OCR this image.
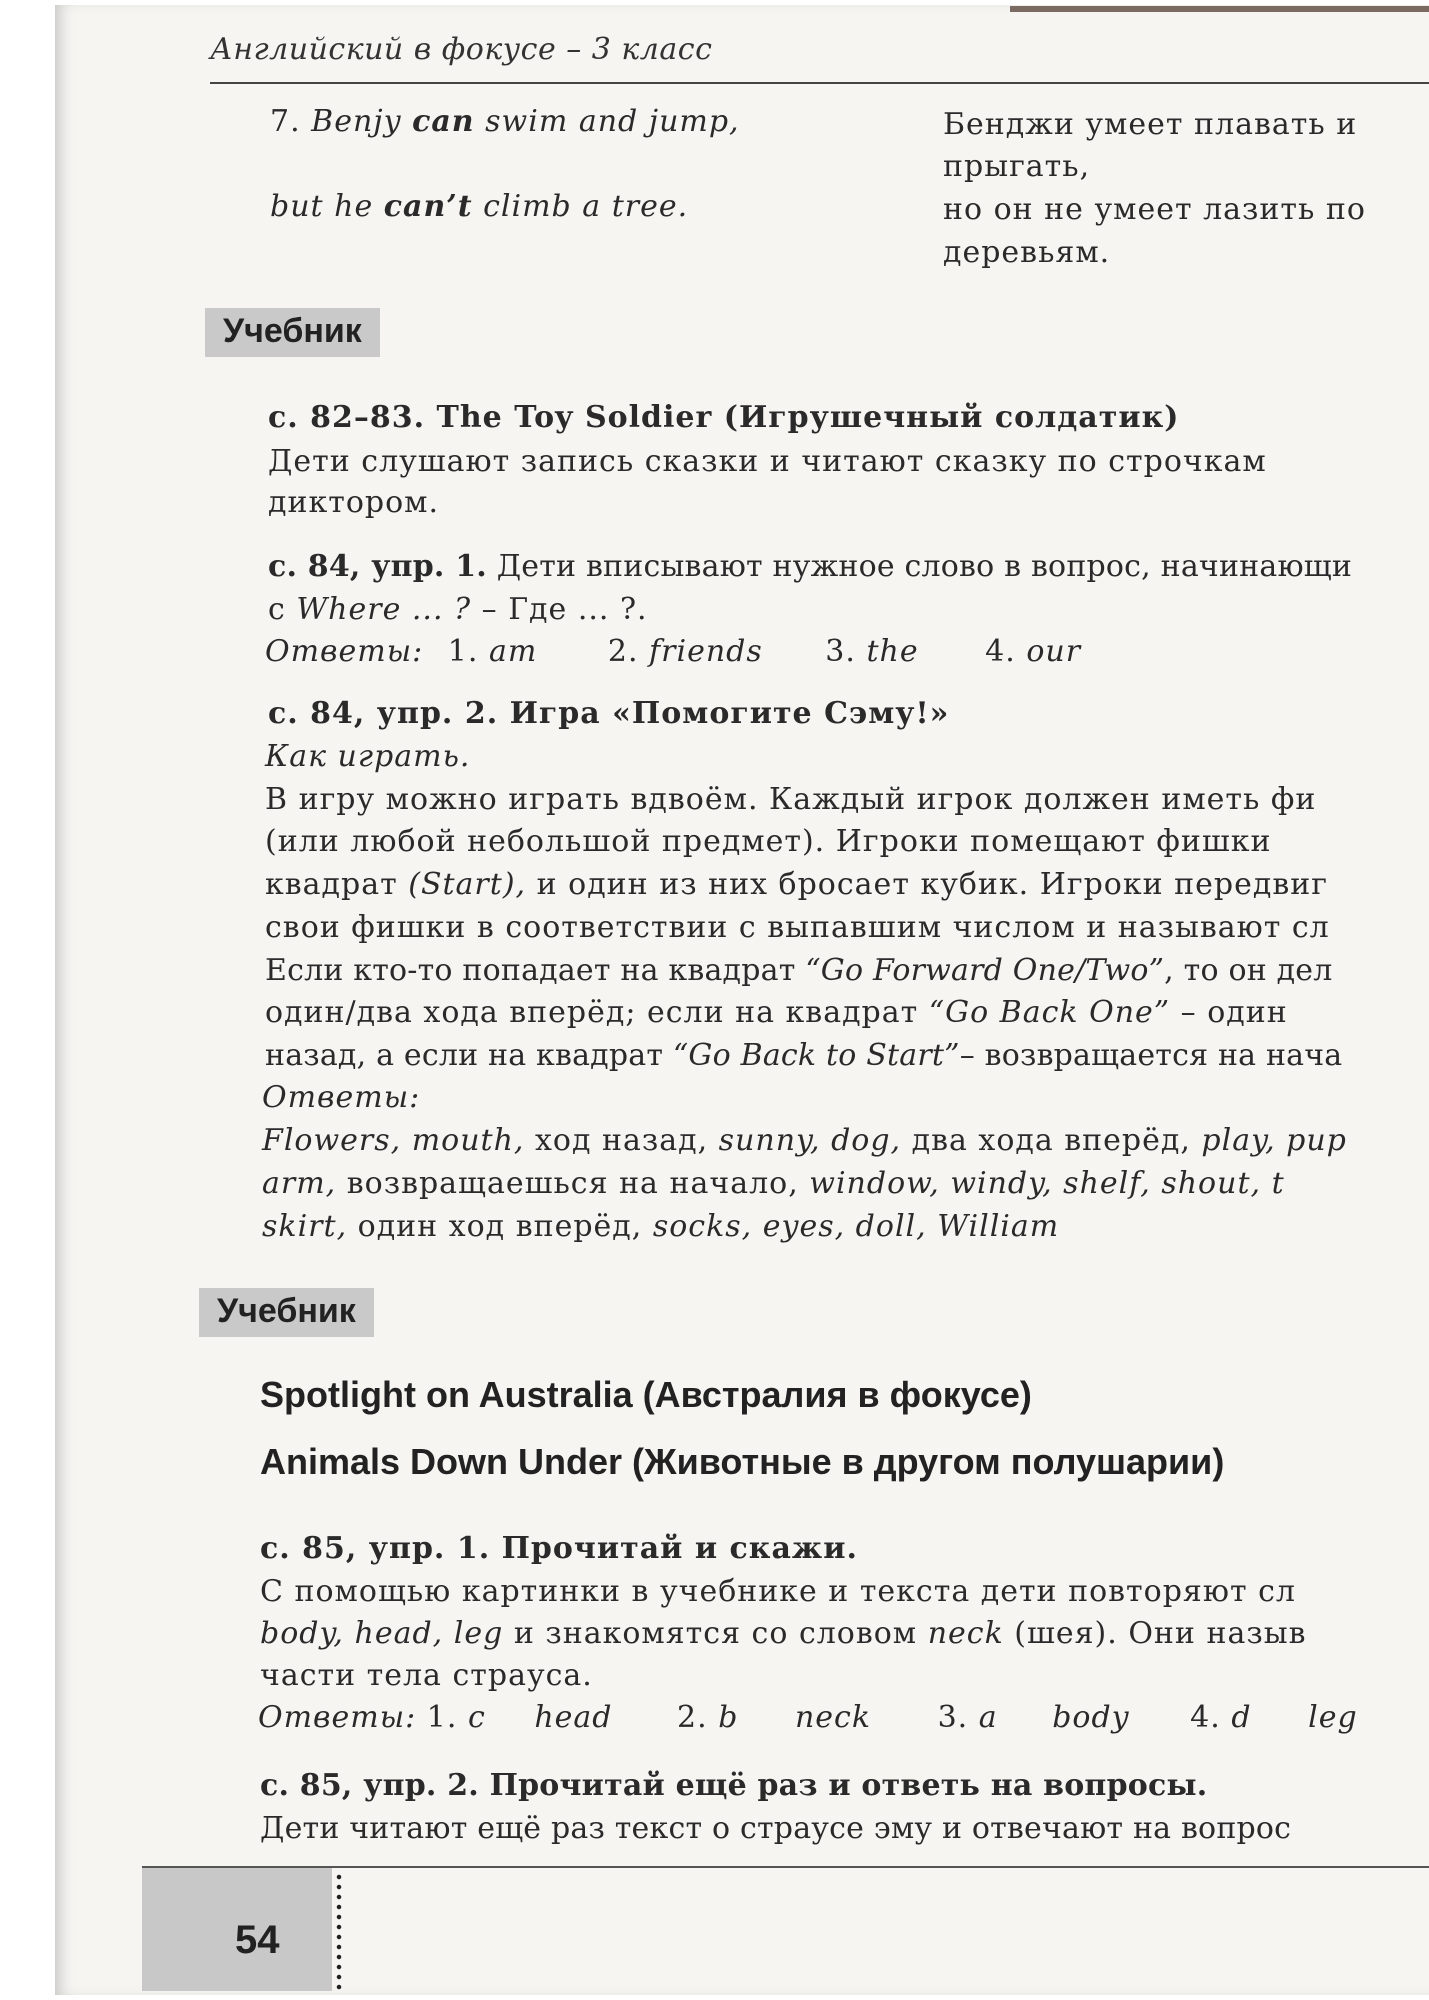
Английский в фокусе – 3 класс
7. Benjy can swim and jump,
but he can’t climb a tree.
Бенджи умеет плавать и
прыгать,
но он не умеет лазить по
деревьям.
Учебник
с. 82–83. The Toy Soldier (Игрушечный солдатик)
Дети слушают запись сказки и читают сказку по строчкам
диктором.
с. 84, упр. 1. Дети вписывают нужное слово в вопрос, начинающи
с Where ... ? – Где ... ?.
Ответы: 1. am 2. friends 3. the 4. our
с. 84, упр. 2. Игра «Помогите Сэму!»
Как играть.
В игру можно играть вдвоём. Каждый игрок должен иметь фи
(или любой небольшой предмет). Игроки помещают фишки
квадрат (Start), и один из них бросает кубик. Игроки передвиг
свои фишки в соответствии с выпавшим числом и называют сл
Если кто-то попадает на квадрат “Go Forward One/Two”, то он дел
один/два хода вперёд; если на квадрат “Go Back One” – один
назад, а если на квадрат “Go Back to Start”– возвращается на нача
Ответы:
Flowers, mouth, ход назад, sunny, dog, два хода вперёд, play, pup
arm, возвращаешься на начало, window, windy, shelf, shout, t
skirt, один ход вперёд, socks, eyes, doll, William
Учебник
Spotlight on Australia (Австралия в фокусе)
Animals Down Under (Животные в другом полушарии)
с. 85, упр. 1. Прочитай и скажи.
С помощью картинки в учебнике и текста дети повторяют сл
body, head, leg и знакомятся со словом neck (шея). Они назыв
части тела страуса.
Ответы: 1. c head 2. b neck 3. a body 4. d leg
с. 85, упр. 2. Прочитай ещё раз и ответь на вопросы.
Дети читают ещё раз текст о страусе эму и отвечают на вопрос
54
